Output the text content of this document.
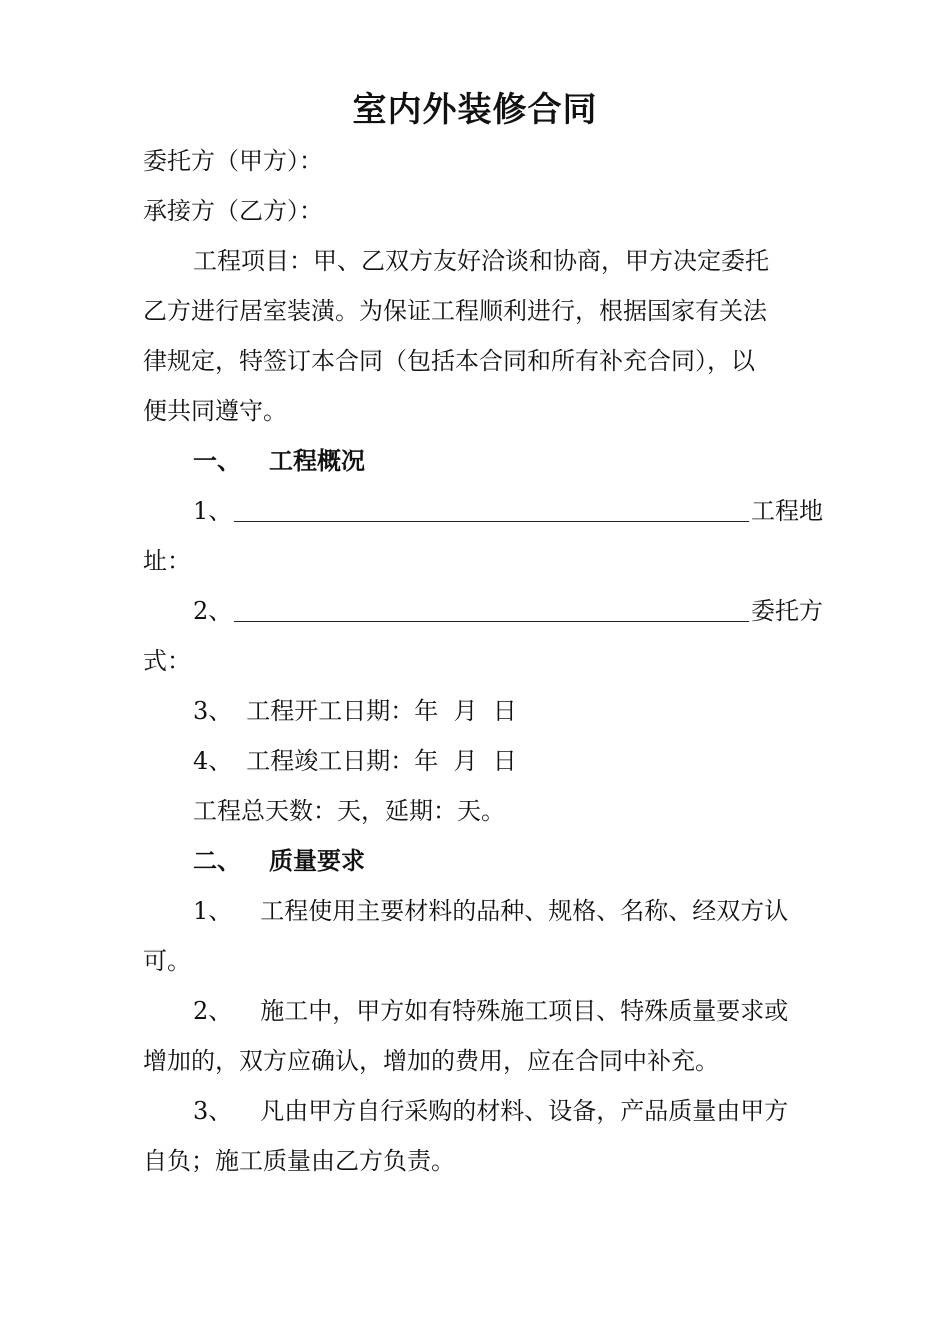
室内外装修合同
委托方（甲方）：
承接方（乙方）：
工程项目：甲、乙双方友好洽谈和协商，甲方决定委托
乙方进行居室装潢。为保证工程顺利进行，根据国家有关法
律规定，特签订本合同（包括本合同和所有补充合同），以
便共同遵守。
一、 工程概况
1、	工程地
址：
2、	委托方
式：
3、 工程开工日期：年  月  日
4、 工程竣工日期：年  月  日
工程总天数：天，延期：天。
二、 质量要求
1、 工程使用主要材料的品种、规格、名称、经双方认
可。
2、 施工中，甲方如有特殊施工项目、特殊质量要求或
增加的，双方应确认，增加的费用，应在合同中补充。
3、 凡由甲方自行采购的材料、设备，产品质量由甲方
自负；施工质量由乙方负责。
